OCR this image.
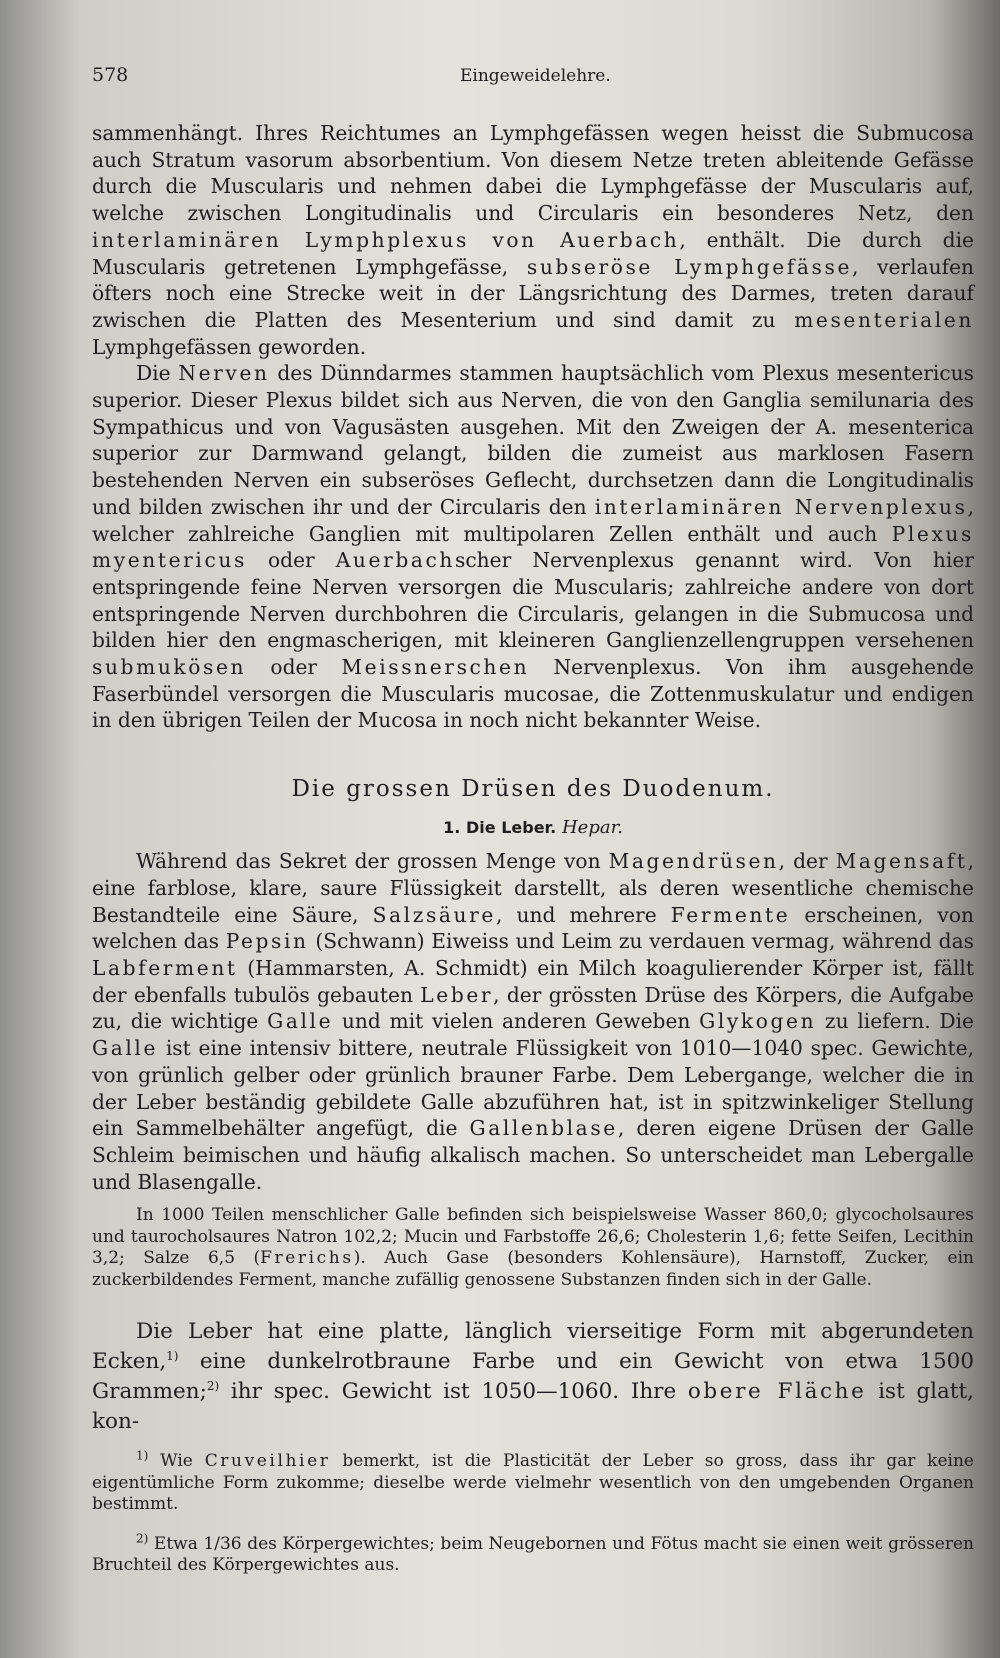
578	Eingeweidelehre.

sammenhängt. Ihres Reichtumes an Lymphgefässen wegen heisst die Submucosa auch Stratum vasorum absorbentium. Von diesem Netze treten ableitende Gefässe durch die Muscularis und nehmen dabei die Lymphgefässe der Muscularis auf, welche zwischen Longitudinalis und Circularis ein besonderes Netz, den interlaminären Lymphplexus von Auerbach, enthält. Die durch die Muscularis getretenen Lymphgefässe, subseröse Lymphgefässe, verlaufen öfters noch eine Strecke weit in der Längsrichtung des Darmes, treten darauf zwischen die Platten des Mesenterium und sind damit zu mesenterialen Lymphgefässen geworden.

Die Nerven des Dünndarmes stammen hauptsächlich vom Plexus mesentericus superior. Dieser Plexus bildet sich aus Nerven, die von den Ganglia semilunaria des Sympathicus und von Vagusästen ausgehen. Mit den Zweigen der A. mesenterica superior zur Darmwand gelangt, bilden die zumeist aus marklosen Fasern bestehenden Nerven ein subseröses Geflecht, durchsetzen dann die Longitudinalis und bilden zwischen ihr und der Circularis den interlaminären Nervenplexus, welcher zahlreiche Ganglien mit multipolaren Zellen enthält und auch Plexus myentericus oder Auerbachscher Nervenplexus genannt wird. Von hier entspringende feine Nerven versorgen die Muscularis; zahlreiche andere von dort entspringende Nerven durchbohren die Circularis, gelangen in die Submucosa und bilden hier den engmascherigen, mit kleineren Ganglienzellengruppen versehenen submukösen oder Meissnerschen Nervenplexus. Von ihm ausgehende Faserbündel versorgen die Muscularis mucosae, die Zottenmuskulatur und endigen in den übrigen Teilen der Mucosa in noch nicht bekannter Weise.

Die grossen Drüsen des Duodenum.
1. Die Leber. Hepar.

Während das Sekret der grossen Menge von Magendrüsen, der Magensaft, eine farblose, klare, saure Flüssigkeit darstellt, als deren wesentliche chemische Bestandteile eine Säure, Salzsäure, und mehrere Fermente erscheinen, von welchen das Pepsin (Schwann) Eiweiss und Leim zu verdauen vermag, während das Labferment (Hammarsten, A. Schmidt) ein Milch koagulierender Körper ist, fällt der ebenfalls tubulös gebauten Leber, der grössten Drüse des Körpers, die Aufgabe zu, die wichtige Galle und mit vielen anderen Geweben Glykogen zu liefern. Die Galle ist eine intensiv bittere, neutrale Flüssigkeit von 1010—1040 spec. Gewichte, von grünlich gelber oder grünlich brauner Farbe. Dem Lebergange, welcher die in der Leber beständig gebildete Galle abzuführen hat, ist in spitzwinkeliger Stellung ein Sammelbehälter angefügt, die Gallenblase, deren eigene Drüsen der Galle Schleim beimischen und häufig alkalisch machen. So unterscheidet man Lebergalle und Blasengalle.

In 1000 Teilen menschlicher Galle befinden sich beispielsweise Wasser 860,0; glycocholsaures und taurocholsaures Natron 102,2; Mucin und Farbstoffe 26,6; Cholesterin 1,6; fette Seifen, Lecithin 3,2; Salze 6,5 (Frerichs). Auch Gase (besonders Kohlensäure), Harnstoff, Zucker, ein zuckerbildendes Ferment, manche zufällig genossene Substanzen finden sich in der Galle.

Die Leber hat eine platte, länglich vierseitige Form mit abgerundeten Ecken,$^{1)}$ eine dunkelrotbraune Farbe und ein Gewicht von etwa 1500 Grammen;$^{2)}$ ihr spec. Gewicht ist 1050—1060. Ihre obere Fläche ist glatt, kon-

$^{1)}$ Wie Cruveilhier bemerkt, ist die Plasticität der Leber so gross, dass ihr gar keine eigentümliche Form zukomme; dieselbe werde vielmehr wesentlich von den umgebenden Organen bestimmt.

$^{2)}$ Etwa 1/36 des Körpergewichtes; beim Neugebornen und Fötus macht sie einen weit grösseren Bruchteil des Körpergewichtes aus.
